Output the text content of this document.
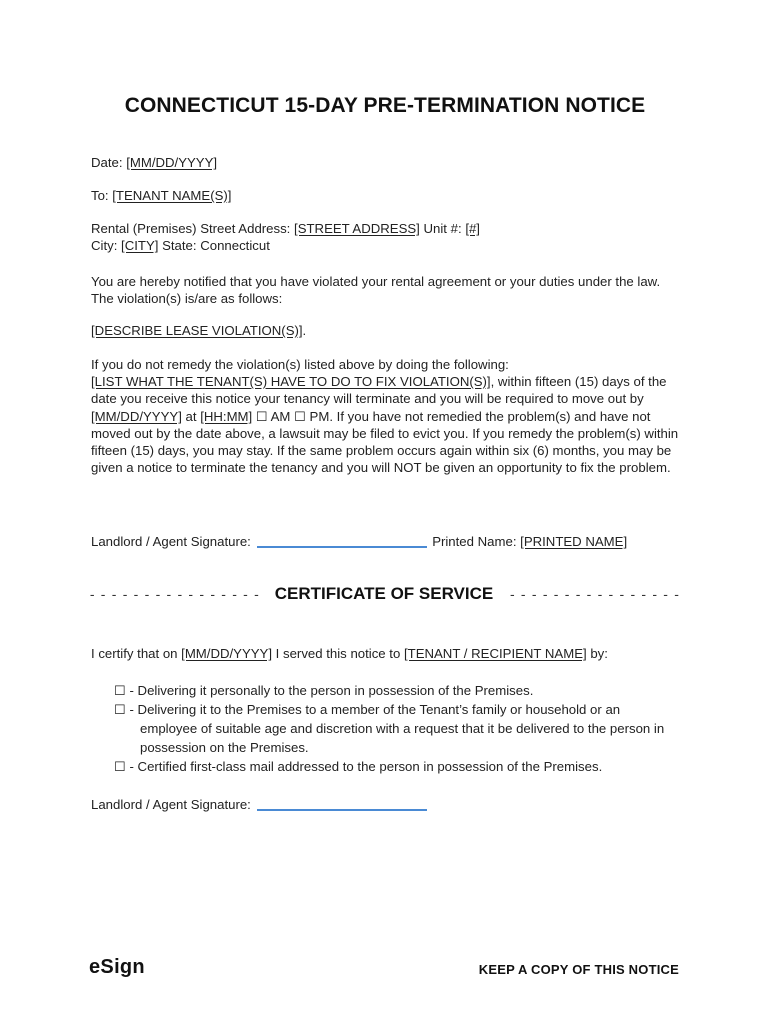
CONNECTICUT 15-DAY PRE-TERMINATION NOTICE
Date: [MM/DD/YYYY]
To: [TENANT NAME(S)]
Rental (Premises) Street Address: [STREET ADDRESS] Unit #: [#]
City: [CITY] State: Connecticut
You are hereby notified that you have violated your rental agreement or your duties under the law. The violation(s) is/are as follows:
[DESCRIBE LEASE VIOLATION(S)].
If you do not remedy the violation(s) listed above by doing the following:
[LIST WHAT THE TENANT(S) HAVE TO DO TO FIX VIOLATION(S)], within fifteen (15) days of the date you receive this notice your tenancy will terminate and you will be required to move out by [MM/DD/YYYY] at [HH:MM] ☐ AM ☐ PM. If you have not remedied the problem(s) and have not moved out by the date above, a lawsuit may be filed to evict you. If you remedy the problem(s) within fifteen (15) days, you may stay. If the same problem occurs again within six (6) months, you may be given a notice to terminate the tenancy and you will NOT be given an opportunity to fix the problem.
Landlord / Agent Signature:	Printed Name: [PRINTED NAME]
- - - - - - - - - - - - - - - - CERTIFICATE OF SERVICE - - - - - - - - - - - - - - - -
I certify that on [MM/DD/YYYY] I served this notice to [TENANT / RECIPIENT NAME] by:
☐ - Delivering it personally to the person in possession of the Premises.
☐ - Delivering it to the Premises to a member of the Tenant’s family or household or an employee of suitable age and discretion with a request that it be delivered to the person in possession on the Premises.
☐ - Certified first-class mail addressed to the person in possession of the Premises.
Landlord / Agent Signature:
eSign	KEEP A COPY OF THIS NOTICE
